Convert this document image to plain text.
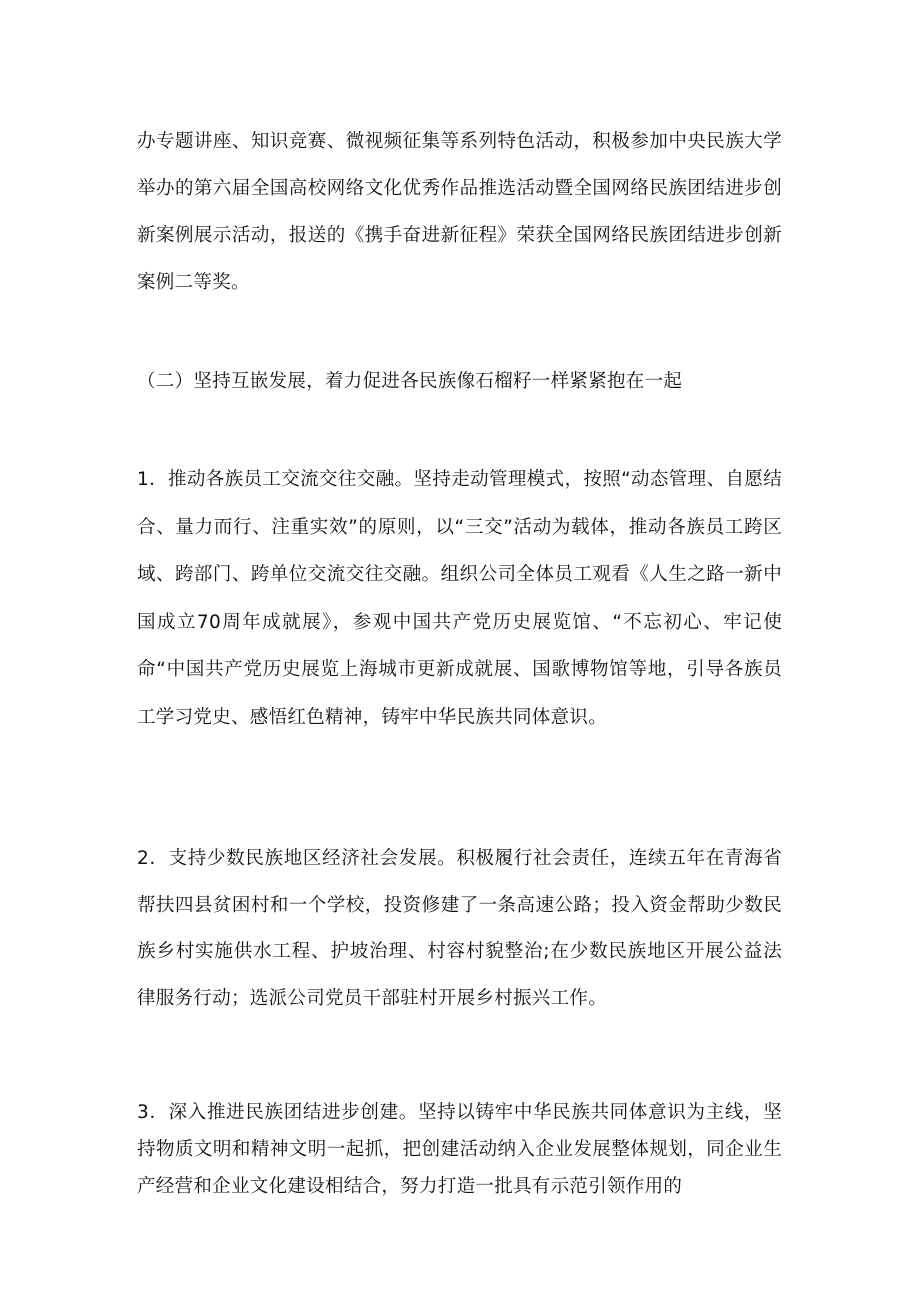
办专题讲座、知识竞赛、微视频征集等系列特色活动，积极参加中央民族大学举办的第六届全国高校网络文化优秀作品推选活动暨全国网络民族团结进步创新案例展示活动，报送的《携手奋进新征程》荣获全国网络民族团结进步创新案例二等奖。
（二）坚持互嵌发展，着力促进各民族像石榴籽一样紧紧抱在一起
1．推动各族员工交流交往交融。坚持走动管理模式，按照“动态管理、自愿结合、量力而行、注重实效”的原则，以“三交”活动为载体，推动各族员工跨区域、跨部门、跨单位交流交往交融。组织公司全体员工观看《人生之路一新中国成立70周年成就展》，参观中国共产党历史展览馆、“不忘初心、牢记使命“中国共产党历史展览上海城市更新成就展、国歌博物馆等地，引导各族员工学习党史、感悟红色精神，铸牢中华民族共同体意识。
2．支持少数民族地区经济社会发展。积极履行社会责任，连续五年在青海省帮扶四县贫困村和一个学校，投资修建了一条高速公路；投入资金帮助少数民族乡村实施供水工程、护坡治理、村容村貌整治;在少数民族地区开展公益法律服务行动；选派公司党员干部驻村开展乡村振兴工作。
3．深入推进民族团结进步创建。坚持以铸牢中华民族共同体意识为主线，坚持物质文明和精神文明一起抓，把创建活动纳入企业发展整体规划，同企业生产经营和企业文化建设相结合，努力打造一批具有示范引领作用的
